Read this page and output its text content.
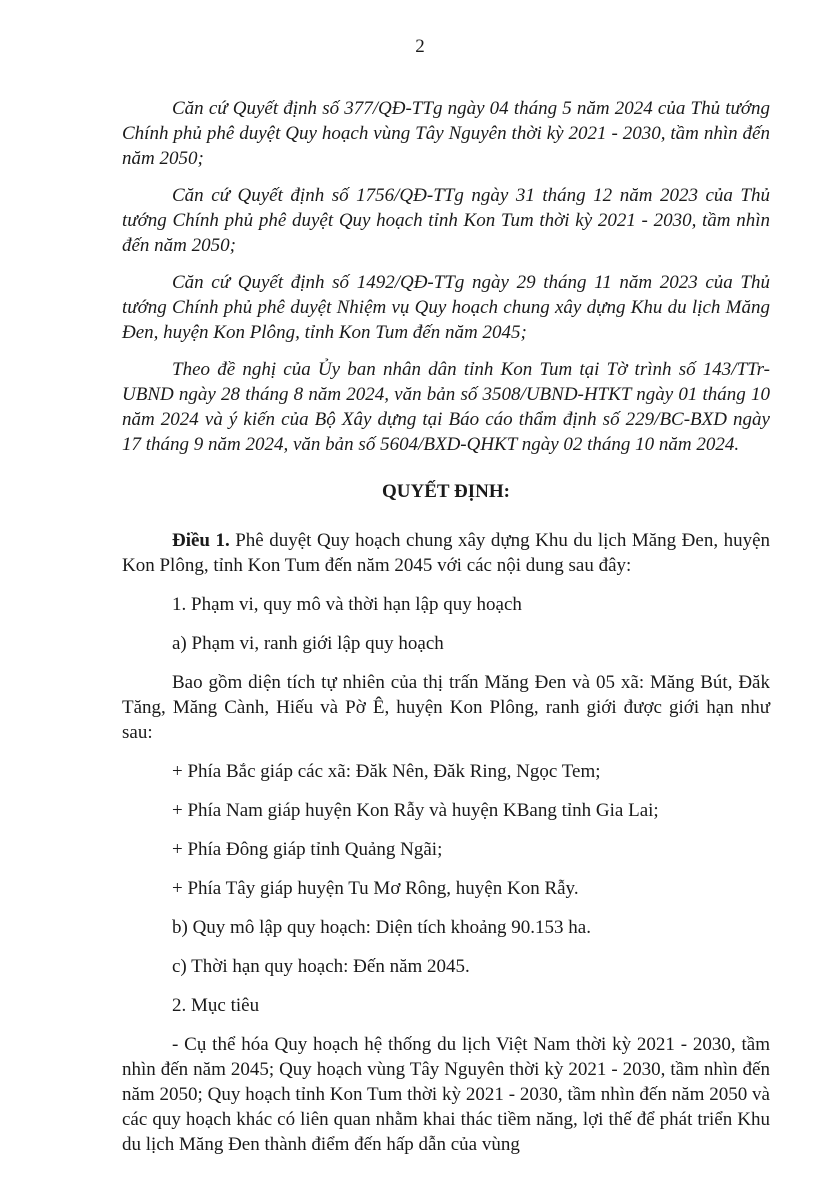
2

Căn cứ Quyết định số 377/QĐ-TTg ngày 04 tháng 5 năm 2024 của Thủ tướng Chính phủ phê duyệt Quy hoạch vùng Tây Nguyên thời kỳ 2021 - 2030, tầm nhìn đến năm 2050;

Căn cứ Quyết định số 1756/QĐ-TTg ngày 31 tháng 12 năm 2023 của Thủ tướng Chính phủ phê duyệt Quy hoạch tỉnh Kon Tum thời kỳ 2021 - 2030, tầm nhìn đến năm 2050;

Căn cứ Quyết định số 1492/QĐ-TTg ngày 29 tháng 11 năm 2023 của Thủ tướng Chính phủ phê duyệt Nhiệm vụ Quy hoạch chung xây dựng Khu du lịch Măng Đen, huyện Kon Plông, tỉnh Kon Tum đến năm 2045;

Theo đề nghị của Ủy ban nhân dân tỉnh Kon Tum tại Tờ trình số 143/TTr-UBND ngày 28 tháng 8 năm 2024, văn bản số 3508/UBND-HTKT ngày 01 tháng 10 năm 2024 và ý kiến của Bộ Xây dựng tại Báo cáo thẩm định số 229/BC-BXD ngày 17 tháng 9 năm 2024, văn bản số 5604/BXD-QHKT ngày 02 tháng 10 năm 2024.

QUYẾT ĐỊNH:

Điều 1. Phê duyệt Quy hoạch chung xây dựng Khu du lịch Măng Đen, huyện Kon Plông, tỉnh Kon Tum đến năm 2045 với các nội dung sau đây:

1. Phạm vi, quy mô và thời hạn lập quy hoạch

a) Phạm vi, ranh giới lập quy hoạch

Bao gồm diện tích tự nhiên của thị trấn Măng Đen và 05 xã: Măng Bút, Đăk Tăng, Măng Cành, Hiếu và Pờ Ê, huyện Kon Plông, ranh giới được giới hạn như sau:

+ Phía Bắc giáp các xã: Đăk Nên, Đăk Ring, Ngọc Tem;

+ Phía Nam giáp huyện Kon Rẫy và huyện KBang tỉnh Gia Lai;

+ Phía Đông giáp tỉnh Quảng Ngãi;

+ Phía Tây giáp huyện Tu Mơ Rông, huyện Kon Rẫy.

b) Quy mô lập quy hoạch: Diện tích khoảng 90.153 ha.

c) Thời hạn quy hoạch: Đến năm 2045.

2. Mục tiêu

- Cụ thể hóa Quy hoạch hệ thống du lịch Việt Nam thời kỳ 2021 - 2030, tầm nhìn đến năm 2045; Quy hoạch vùng Tây Nguyên thời kỳ 2021 - 2030, tầm nhìn đến năm 2050; Quy hoạch tỉnh Kon Tum thời kỳ 2021 - 2030, tầm nhìn đến năm 2050 và các quy hoạch khác có liên quan nhằm khai thác tiềm năng, lợi thế để phát triển Khu du lịch Măng Đen thành điểm đến hấp dẫn của vùng
